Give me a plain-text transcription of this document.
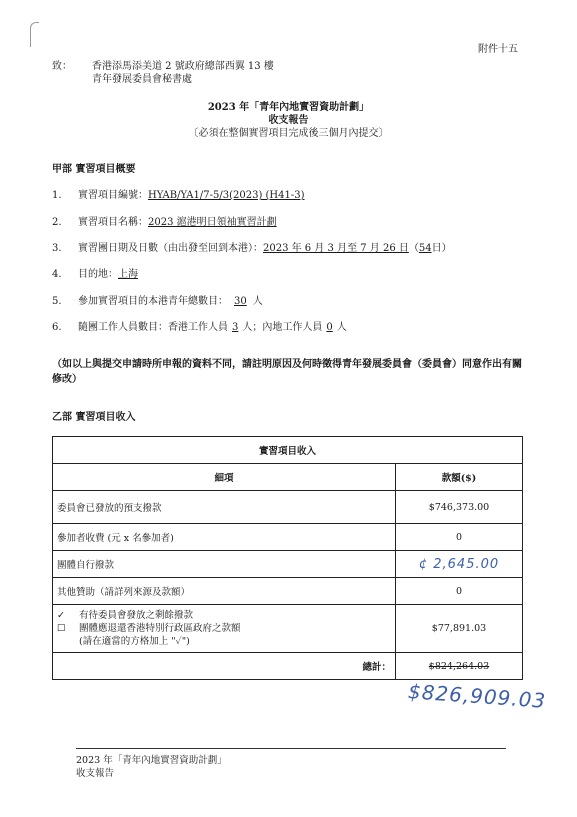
附件十五
致： 香港添馬添美道 2 號政府總部西翼 13 樓
青年發展委員會秘書處
2023 年「青年內地實習資助計劃」
收支報告
〔必須在整個實習項目完成後三個月內提交〕
甲部 實習項目概要
1. 實習項目編號：HYAB/YA1/7-5/3(2023) (H41-3)
2. 實習項目名稱：2023 滬港明日領袖實習計劃
3. 實習團日期及日數（由出發至回到本港）：2023 年 6 月 3 月至 7 月 26 日（54日）
4. 目的地：上海
5. 參加實習項目的本港青年總數目： 30 人
6. 隨團工作人員數目：香港工作人員 3 人；內地工作人員 0 人
（如以上與提交申請時所申報的資料不同，請註明原因及何時徵得青年發展委員會（委員會）同意作出有關修改）
乙部 實習項目收入
實習項目收入	
細項	款額($)
委員會已發放的預支撥款	$746,373.00
參加者收費 (元 x 名參加者)	0
團體自行撥款	¢ 2,645.00
其他贊助（請詳列來源及款額）	0

✓ 有待委員會發放之剩餘撥款
☐ 團體應退還香港特別行政區政府之款額
(請在適當的方格加上 "✓")	$77,891.03
總計：	$824,264.03
$826,909.03
2023 年「青年內地實習資助計劃」
收支報告
